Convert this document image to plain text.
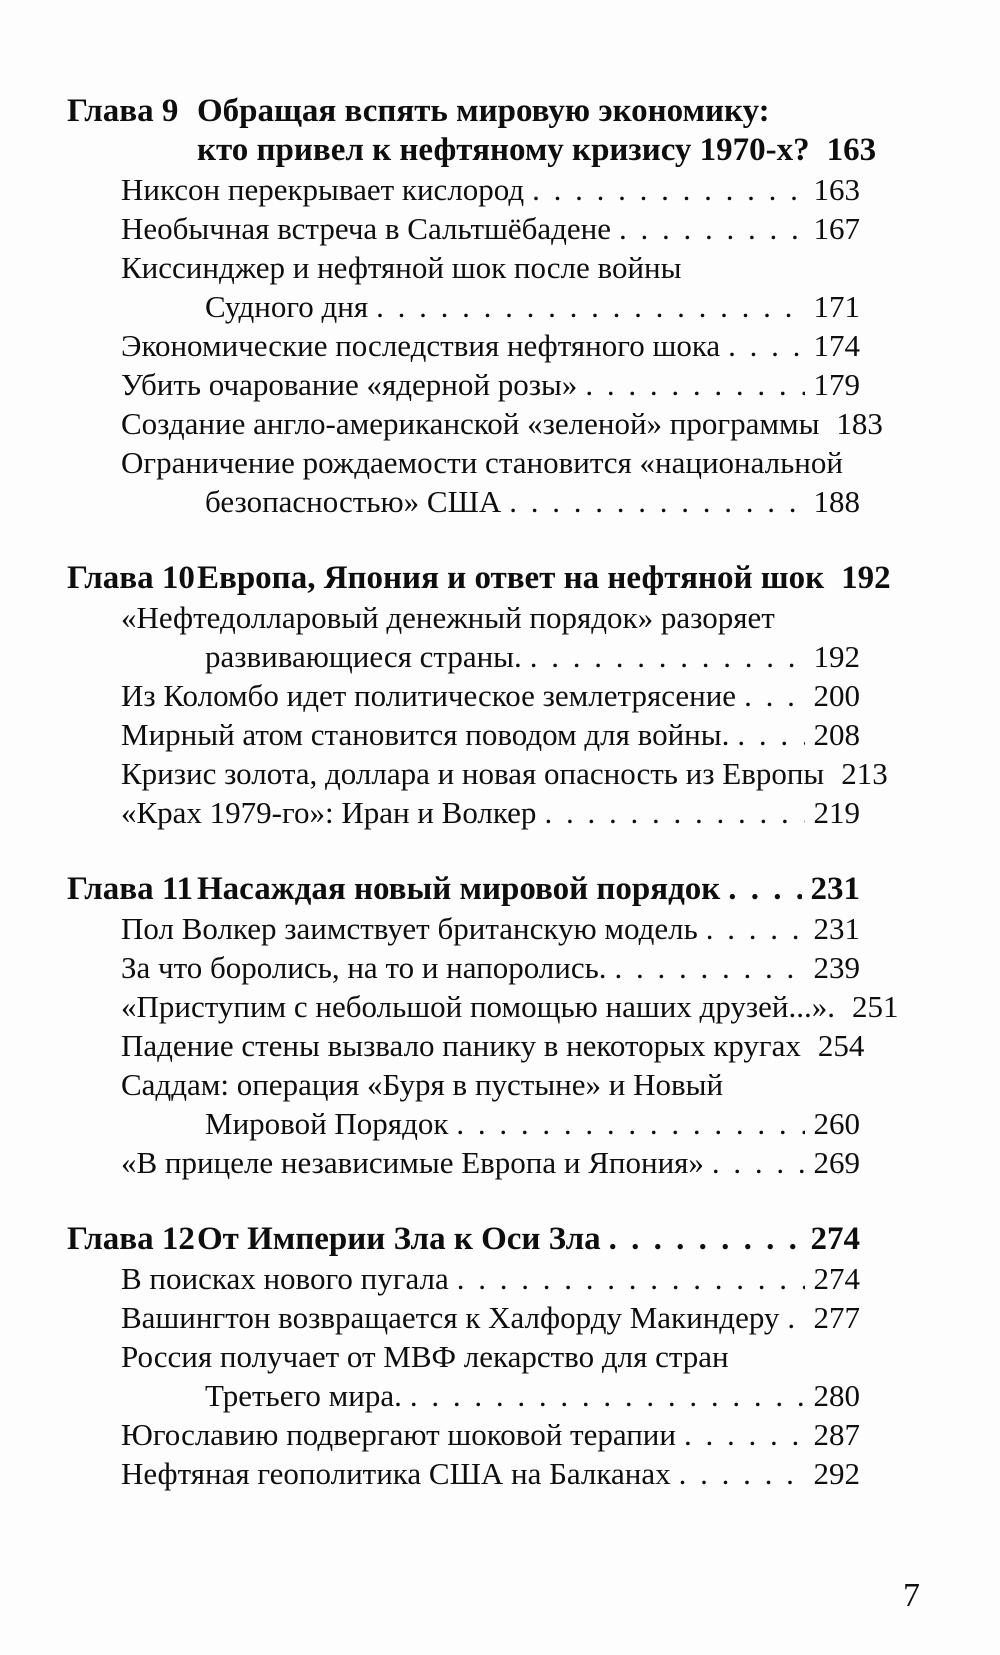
Глава 9 Обращая вспять мировую экономику:
кто привел к нефтяному кризису 1970-х? 163
Никсон перекрывает кислород . . .	163
Необычная встреча в Сальтшёбадене . . .	167
Киссинджер и нефтяной шок после войны
Судного дня . . .	171
Экономические последствия нефтяного шока . . .	174
Убить очарование «ядерной розы» . . .	179
Создание англо-американской «зеленой» программы 183
Ограничение рождаемости становится «национальной
безопасностью» США . . .	188
Глава 10 Европа, Япония и ответ на нефтяной шок 192
«Нефтедолларовый денежный порядок» разоряет
развивающиеся страны. . . .	192
Из Коломбо идет политическое землетрясение . . . 200
Мирный атом становится поводом для войны. . . .	208
Кризис золота, доллара и новая опасность из Европы 213
«Крах 1979-го»: Иран и Волкер . . .	219
Глава 11 Насаждая новый мировой порядок . . .	231
Пол Волкер заимствует британскую модель . . .	231
За что боролись, на то и напоролись. . . .	239
«Приступим с небольшой помощью наших друзей...». 251
Падение стены вызвало панику в некоторых кругах 254
Саддам: операция «Буря в пустыне» и Новый
Мировой Порядок . . .	260
«В прицеле независимые Европа и Япония» . . .	269
Глава 12 От Империи Зла к Оси Зла . . .	274
В поисках нового пугала . . .	274
Вашингтон возвращается к Халфорду Макиндеру . . . 277
Россия получает от МВФ лекарство для стран
Третьего мира. . . .	280
Югославию подвергают шоковой терапии . . .	287
Нефтяная геополитика США на Балканах . . .	292
7
